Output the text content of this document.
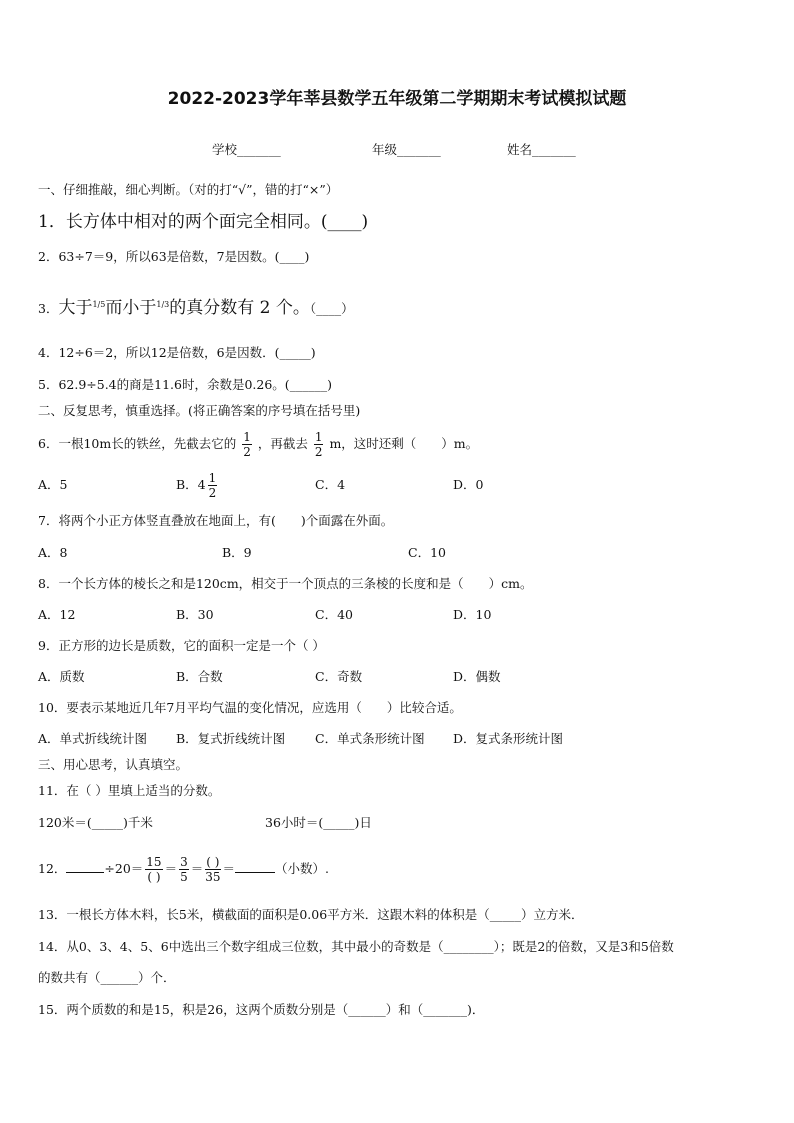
2022-2023学年莘县数学五年级第二学期期末考试模拟试题
学校_______	年级_______	姓名_______
一、仔细推敲，细心判断。（对的打“√”，错的打“×”）
1．长方体中相对的两个面完全相同。(____)
2．63÷7＝9，所以63是倍数，7是因数。(____)
3．大于$^{1/5}$而小于$^{1/3}$的真分数有 2 个。（____）
4．12÷6＝2，所以12是倍数，6是因数．(_____)
5．62.9÷5.4的商是11.6时，余数是0.26。(______)
二、反复思考，慎重选择。(将正确答案的序号填在括号里)
6．一根10m长的铁丝，先截去它的 $\frac{1}{2}$ ，再截去 $\frac{1}{2}$ m，这时还剩（　　）m。
A．5	B．$4 \frac{1}{2}$	C．4	D．0
7．将两个小正方体竖直叠放在地面上，有(　　)个面露在外面。
A．8	B．9	C．10
8．一个长方体的棱长之和是120cm，相交于一个顶点的三条棱的长度和是（　　）cm。
A．12	B．30	C．40	D．10
9．正方形的边长是质数，它的面积一定是一个（ ）
A．质数	B．合数	C．奇数	D．偶数
10．要表示某地近几年7月平均气温的变化情况，应选用（　　）比较合适。
A．单式折线统计图 B．复式折线统计图 C．单式条形统计图 D．复式条形统计图
三、用心思考，认真填空。
11．在（ ）里填上适当的分数。
120米＝(_____)千米	36小时＝(_____)日
12．	$\div 20= \frac{15}{( )} = \frac{3}{5} = \frac{( )}{35}$ ＝	（小数）.
13．一根长方体木料，长5米，横截面的面积是0.06平方米．这跟木料的体积是（_____）立方米．
14．从0、3、4、5、6中选出三个数字组成三位数，其中最小的奇数是（________）；既是2的倍数，又是3和5倍数
的数共有（______）个．
15．两个质数的和是15，积是26，这两个质数分别是（______）和（_______)．
